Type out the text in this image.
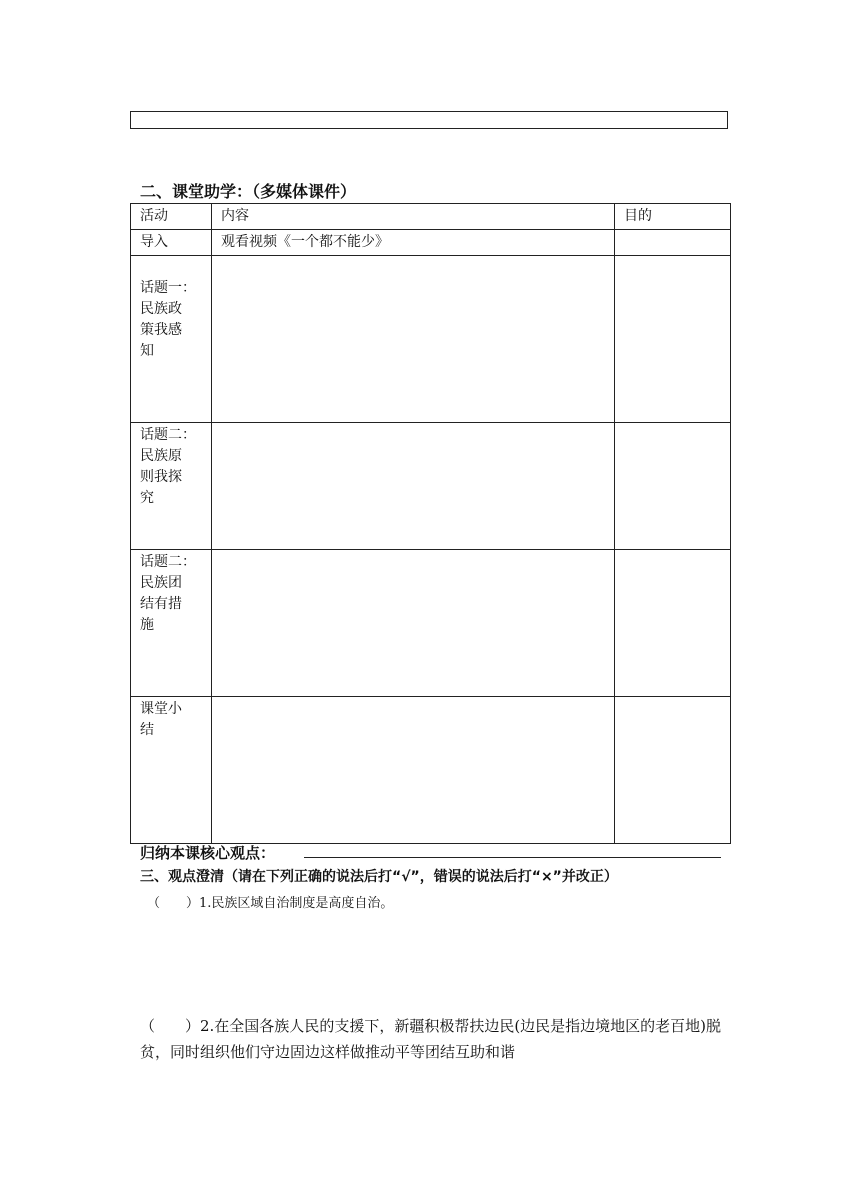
二、课堂助学：（多媒体课件）
活动	内容	目的
导入	观看视频《一个都不能少》	
话题一：
民族政
策我感
知		
话题二：
民族原
则我探
究		
话题二：
民族团
结有措
施		
课堂小
结		
归纳本课核心观点：
三、观点澄清（请在下列正确的说法后打“√”，错误的说法后打“×”并改正）
（　　）1.民族区域自治制度是高度自治。
（　　）2.在全国各族人民的支援下，新疆积极帮扶边民(边民是指边境地区的老百地)脱贫，同时组织他们守边固边这样做推动平等团结互助和谐
